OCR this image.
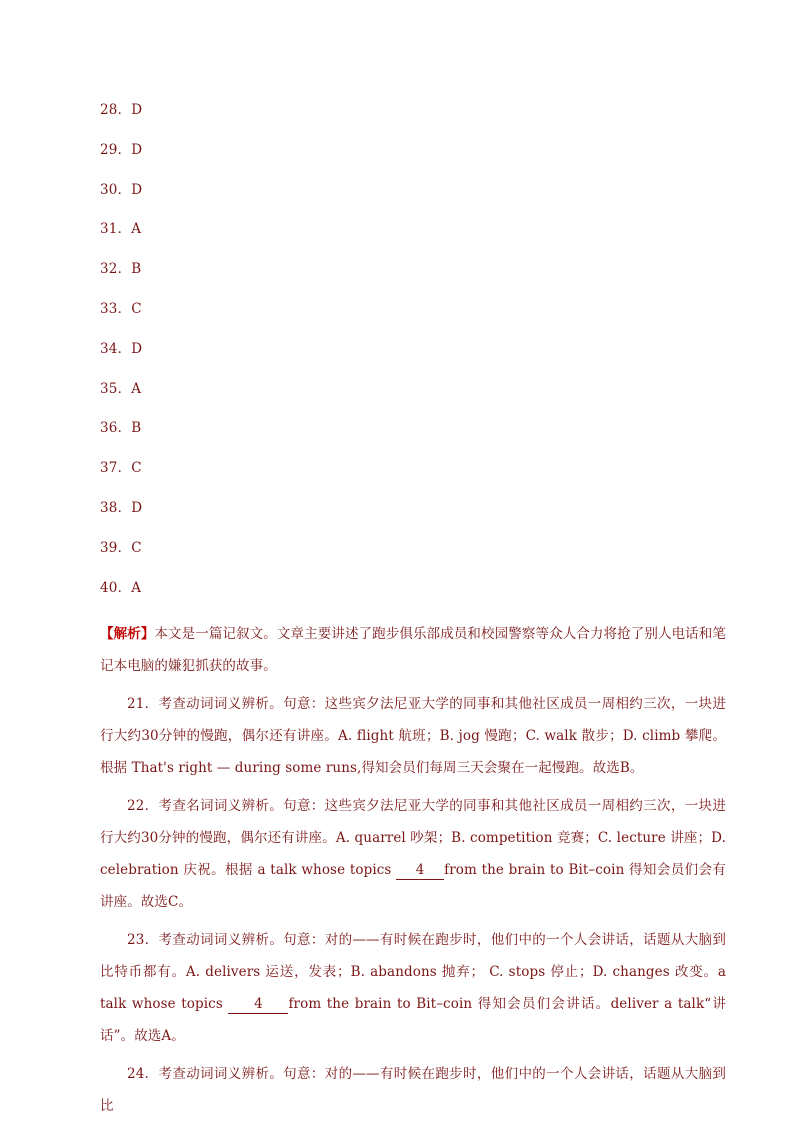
28．D
29．D
30．D
31．A
32．B
33．C
34．D
35．A
36．B
37．C
38．D
39．C
40．A

【解析】本文是一篇记叙文。文章主要讲述了跑步俱乐部成员和校园警察等众人合力将抢了别人电话和笔记本电脑的嫌犯抓获的故事。

21．考查动词词义辨析。句意：这些宾夕法尼亚大学的同事和其他社区成员一周相约三次，一块进行大约30分钟的慢跑，偶尔还有讲座。A. flight 航班；B. jog 慢跑；C. walk 散步；D. climb 攀爬。根据 That's right — during some runs,得知会员们每周三天会聚在一起慢跑。故选B。

22．考查名词词义辨析。句意：这些宾夕法尼亚大学的同事和其他社区成员一周相约三次，一块进行大约30分钟的慢跑，偶尔还有讲座。A. quarrel 吵架；B. competition 竞赛；C. lecture 讲座；D. celebration 庆祝。根据 a talk whose topics 4 from the brain to Bit–coin 得知会员们会有讲座。故选C。

23．考查动词词义辨析。句意：对的——有时候在跑步时，他们中的一个人会讲话，话题从大脑到比特币都有。A. delivers 运送，发表；B. abandons 抛弃； C. stops 停止；D. changes 改变。a talk whose topics 4 from the brain to Bit–coin 得知会员们会讲话。deliver a talk“讲话”。故选A。

24．考查动词词义辨析。句意：对的——有时候在跑步时，他们中的一个人会讲话，话题从大脑到比
